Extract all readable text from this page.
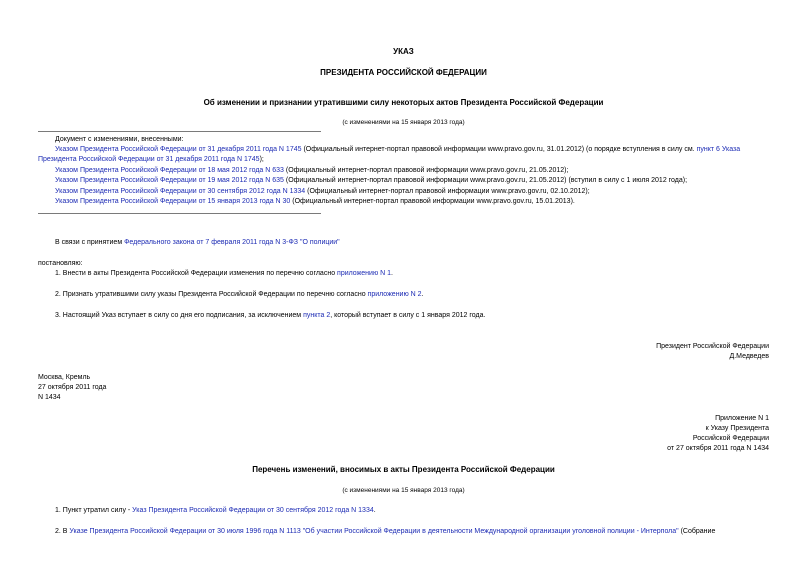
УКАЗ
ПРЕЗИДЕНТА РОССИЙСКОЙ ФЕДЕРАЦИИ
Об изменении и признании утратившими силу некоторых актов Президента Российской Федерации
(с изменениями на 15 января 2013 года)
Документ с изменениями, внесенными:
Указом Президента Российской Федерации от 31 декабря 2011 года N 1745 (Официальный интернет-портал правовой информации www.pravo.gov.ru, 31.01.2012) (о порядке вступления в силу см. пункт 6 Указа
Президента Российской Федерации от 31 декабря 2011 года N 1745);
Указом Президента Российской Федерации от 18 мая 2012 года N 633 (Официальный интернет-портал правовой информации www.pravo.gov.ru, 21.05.2012);
Указом Президента Российской Федерации от 19 мая 2012 года N 635 (Официальный интернет-портал правовой информации www.pravo.gov.ru, 21.05.2012) (вступил в силу с 1 июля 2012 года);
Указом Президента Российской Федерации от 30 сентября 2012 года N 1334 (Официальный интернет-портал правовой информации www.pravo.gov.ru, 02.10.2012);
Указом Президента Российской Федерации от 15 января 2013 года N 30 (Официальный интернет-портал правовой информации www.pravo.gov.ru, 15.01.2013).
В связи с принятием Федерального закона от 7 февраля 2011 года N 3-ФЗ "О полиции"
постановляю:
1. Внести в акты Президента Российской Федерации изменения по перечню согласно приложению N 1.
2. Признать утратившими силу указы Президента Российской Федерации по перечню согласно приложению N 2.
3. Настоящий Указ вступает в силу со дня его подписания, за исключением пункта 2, который вступает в силу с 1 января 2012 года.
Президент Российской Федерации
Д.Медведев
Москва, Кремль
27 октября 2011 года
N 1434
Приложение N 1
к Указу Президента
Российской Федерации
от 27 октября 2011 года N 1434
Перечень изменений, вносимых в акты Президента Российской Федерации
(с изменениями на 15 января 2013 года)
1. Пункт утратил силу - Указ Президента Российской Федерации от 30 сентября 2012 года N 1334.
2. В Указе Президента Российской Федерации от 30 июля 1996 года N 1113 "Об участии Российской Федерации в деятельности Международной организации уголовной полиции - Интерпола" (Собрание
